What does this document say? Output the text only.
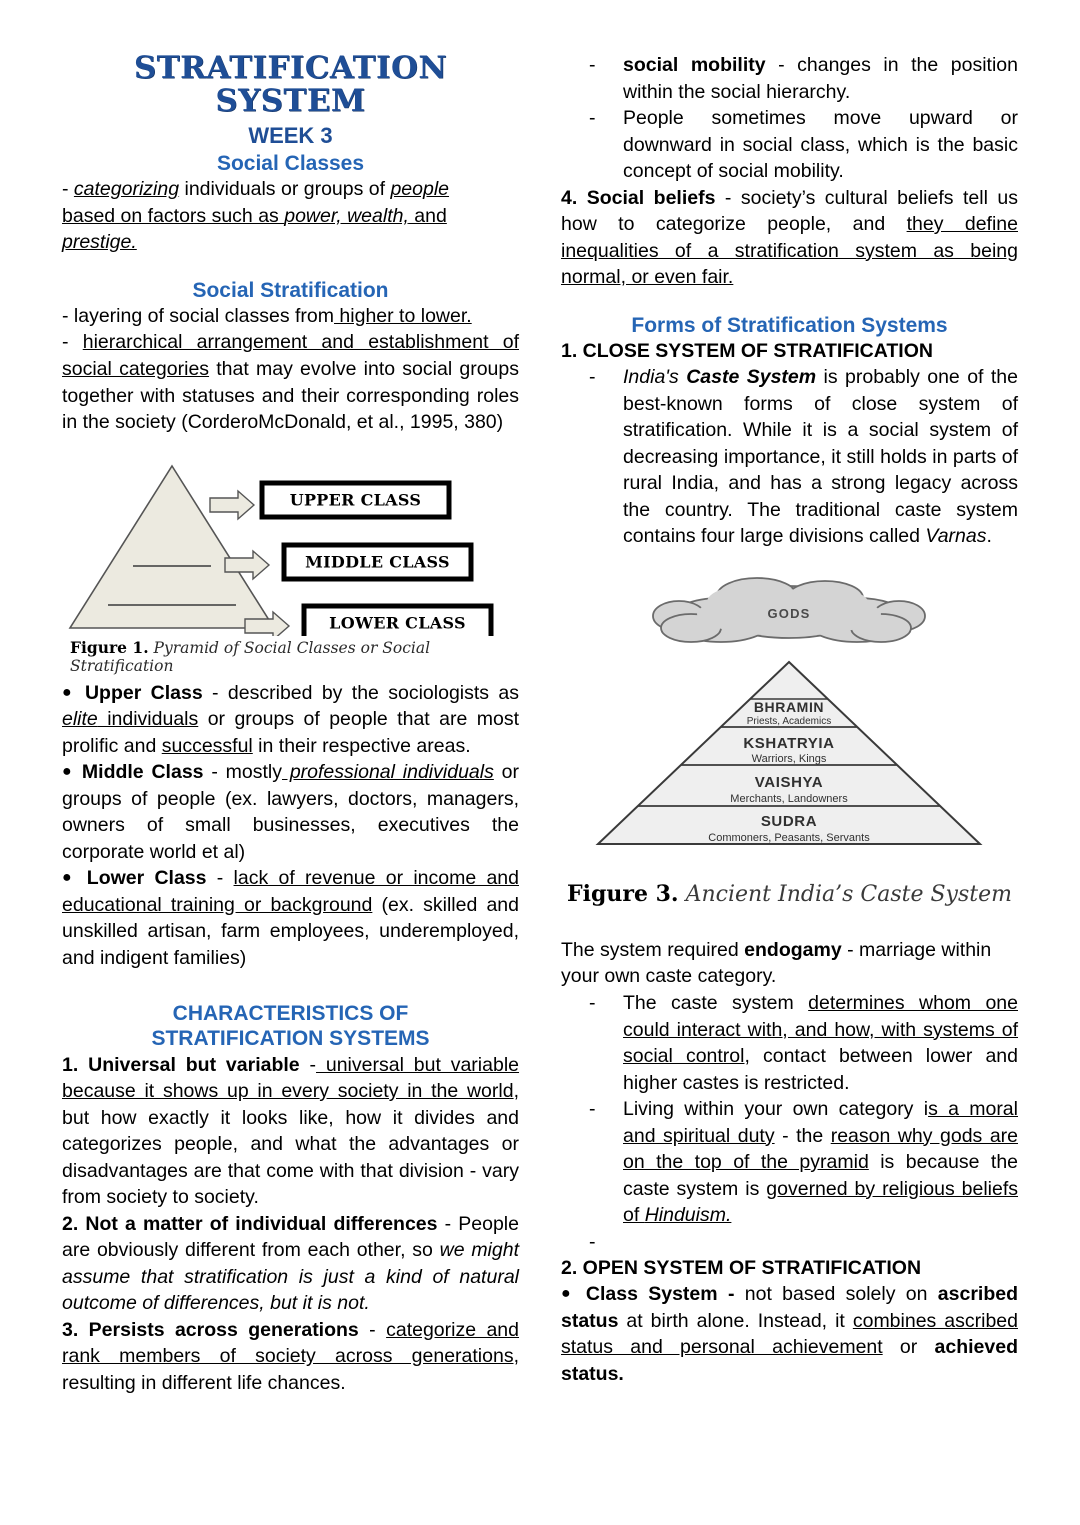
STRATIFICATION SYSTEM
WEEK 3
Social Classes

- categorizing individuals or groups of people
based on factors such as power, wealth, and
prestige.

Social Stratification

- layering of social classes from higher to lower.

- hierarchical arrangement and establishment of social categories that may evolve into social groups together with statuses and their corresponding roles in the society (CorderoMcDonald, et al., 1995, 380)

UPPER CLASS
MIDDLE CLASS
LOWER CLASS
Figure 1. Pyramid of Social Classes or Social Stratification
● Upper Class - described by the sociologists as elite individuals or groups of people that are most prolific and successful in their respective areas.
● Middle Class - mostly professional individuals or groups of people (ex. lawyers, doctors, managers, owners of small businesses, executives the corporate world et al)
● Lower Class - lack of revenue or income and educational training or background (ex. skilled and unskilled artisan, farm employees, underemployed, and indigent families)
CHARACTERISTICS OF
STRATIFICATION SYSTEMS

1. Universal but variable - universal but variable because it shows up in every society in the world, but how exactly it looks like, how it divides and categorizes people, and what the advantages or disadvantages are that come with that division - vary from society to society.

2. Not a matter of individual differences - People are obviously different from each other, so we might assume that stratification is just a kind of natural outcome of differences, but it is not.

3. Persists across generations - categorize and rank members of society across generations, resulting in different life chances.

- social mobility - changes in the position within the social hierarchy.
- People sometimes move upward or downward in social class, which is the basic concept of social mobility.

4. Social beliefs - society’s cultural beliefs tell us how to categorize people, and they define inequalities of a stratification system as being normal, or even fair.

Forms of Stratification Systems

1. CLOSE SYSTEM OF STRATIFICATION

- India's Caste System is probably one of the best-known forms of close system of stratification. While it is a social system of decreasing importance, it still holds in parts of rural India, and has a strong legacy across the country. The traditional caste system contains four large divisions called Varnas.
GODS
BHRAMIN
Priests, Academics
KSHATRYIA
Warriors, Kings
VAISHYA
Merchants, Landowners
SUDRA
Commoners, Peasants, Servants
Figure 3. Ancient India’s Caste System

The system required endogamy - marriage within your own caste category.

- The caste system determines whom one could interact with, and how, with systems of social control, contact between lower and higher castes is restricted.
- Living within your own category is a moral and spiritual duty - the reason why gods are on the top of the pyramid is because the caste system is governed by religious beliefs of Hinduism.
-

2. OPEN SYSTEM OF STRATIFICATION

● Class System - not based solely on ascribed status at birth alone. Instead, it combines ascribed status and personal achievement or achieved status.
